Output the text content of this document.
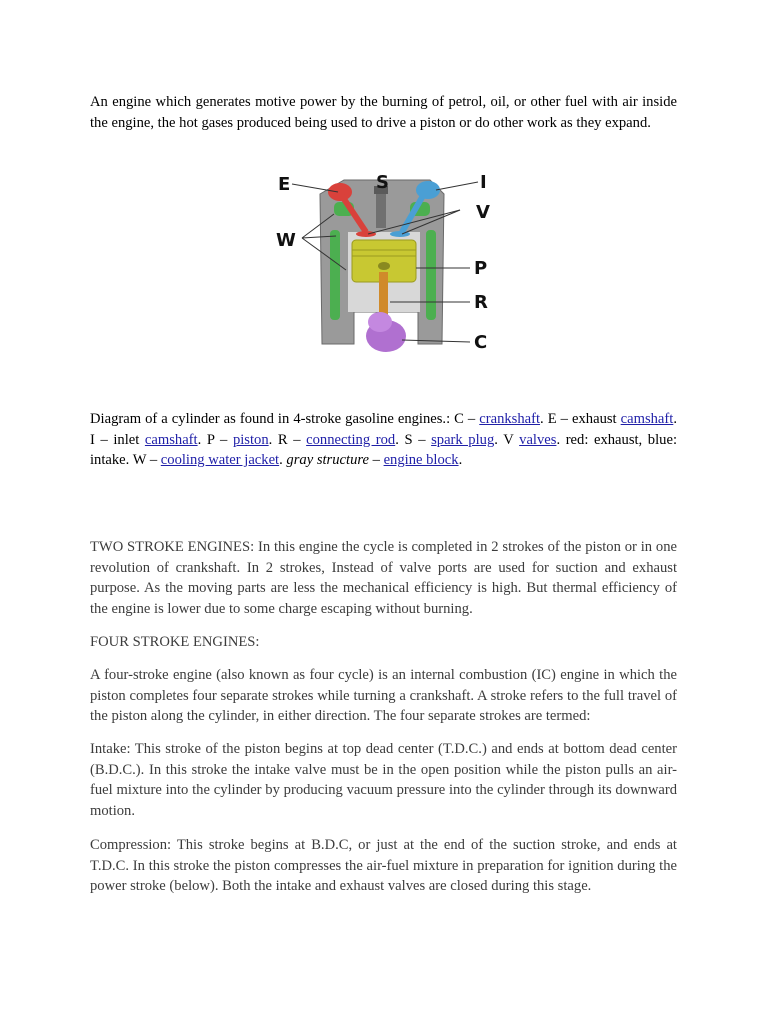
An engine which generates motive power by the burning of petrol, oil, or other fuel with air inside the engine, the hot gases produced being used to drive a piston or do other work as they expand.

E	S	I
V
W
P
R
C

Diagram of a cylinder as found in 4-stroke gasoline engines.: C – crankshaft. E – exhaust camshaft. I – inlet camshaft. P – piston. R – connecting rod. S – spark plug. V valves. red: exhaust, blue: intake. W – cooling water jacket. gray structure – engine block.

TWO STROKE ENGINES: In this engine the cycle is completed in 2 strokes of the piston or in one revolution of crankshaft. In 2 strokes, Instead of valve ports are used for suction and exhaust purpose. As the moving parts are less the mechanical efficiency is high. But thermal efficiency of the engine is lower due to some charge escaping without burning.

FOUR STROKE ENGINES:

A four-stroke engine (also known as four cycle) is an internal combustion (IC) engine in which the piston completes four separate strokes while turning a crankshaft. A stroke refers to the full travel of the piston along the cylinder, in either direction. The four separate strokes are termed:

Intake: This stroke of the piston begins at top dead center (T.D.C.) and ends at bottom dead center (B.D.C.). In this stroke the intake valve must be in the open position while the piston pulls an air-fuel mixture into the cylinder by producing vacuum pressure into the cylinder through its downward motion.

Compression: This stroke begins at B.D.C, or just at the end of the suction stroke, and ends at T.D.C. In this stroke the piston compresses the air-fuel mixture in preparation for ignition during the power stroke (below). Both the intake and exhaust valves are closed during this stage.
